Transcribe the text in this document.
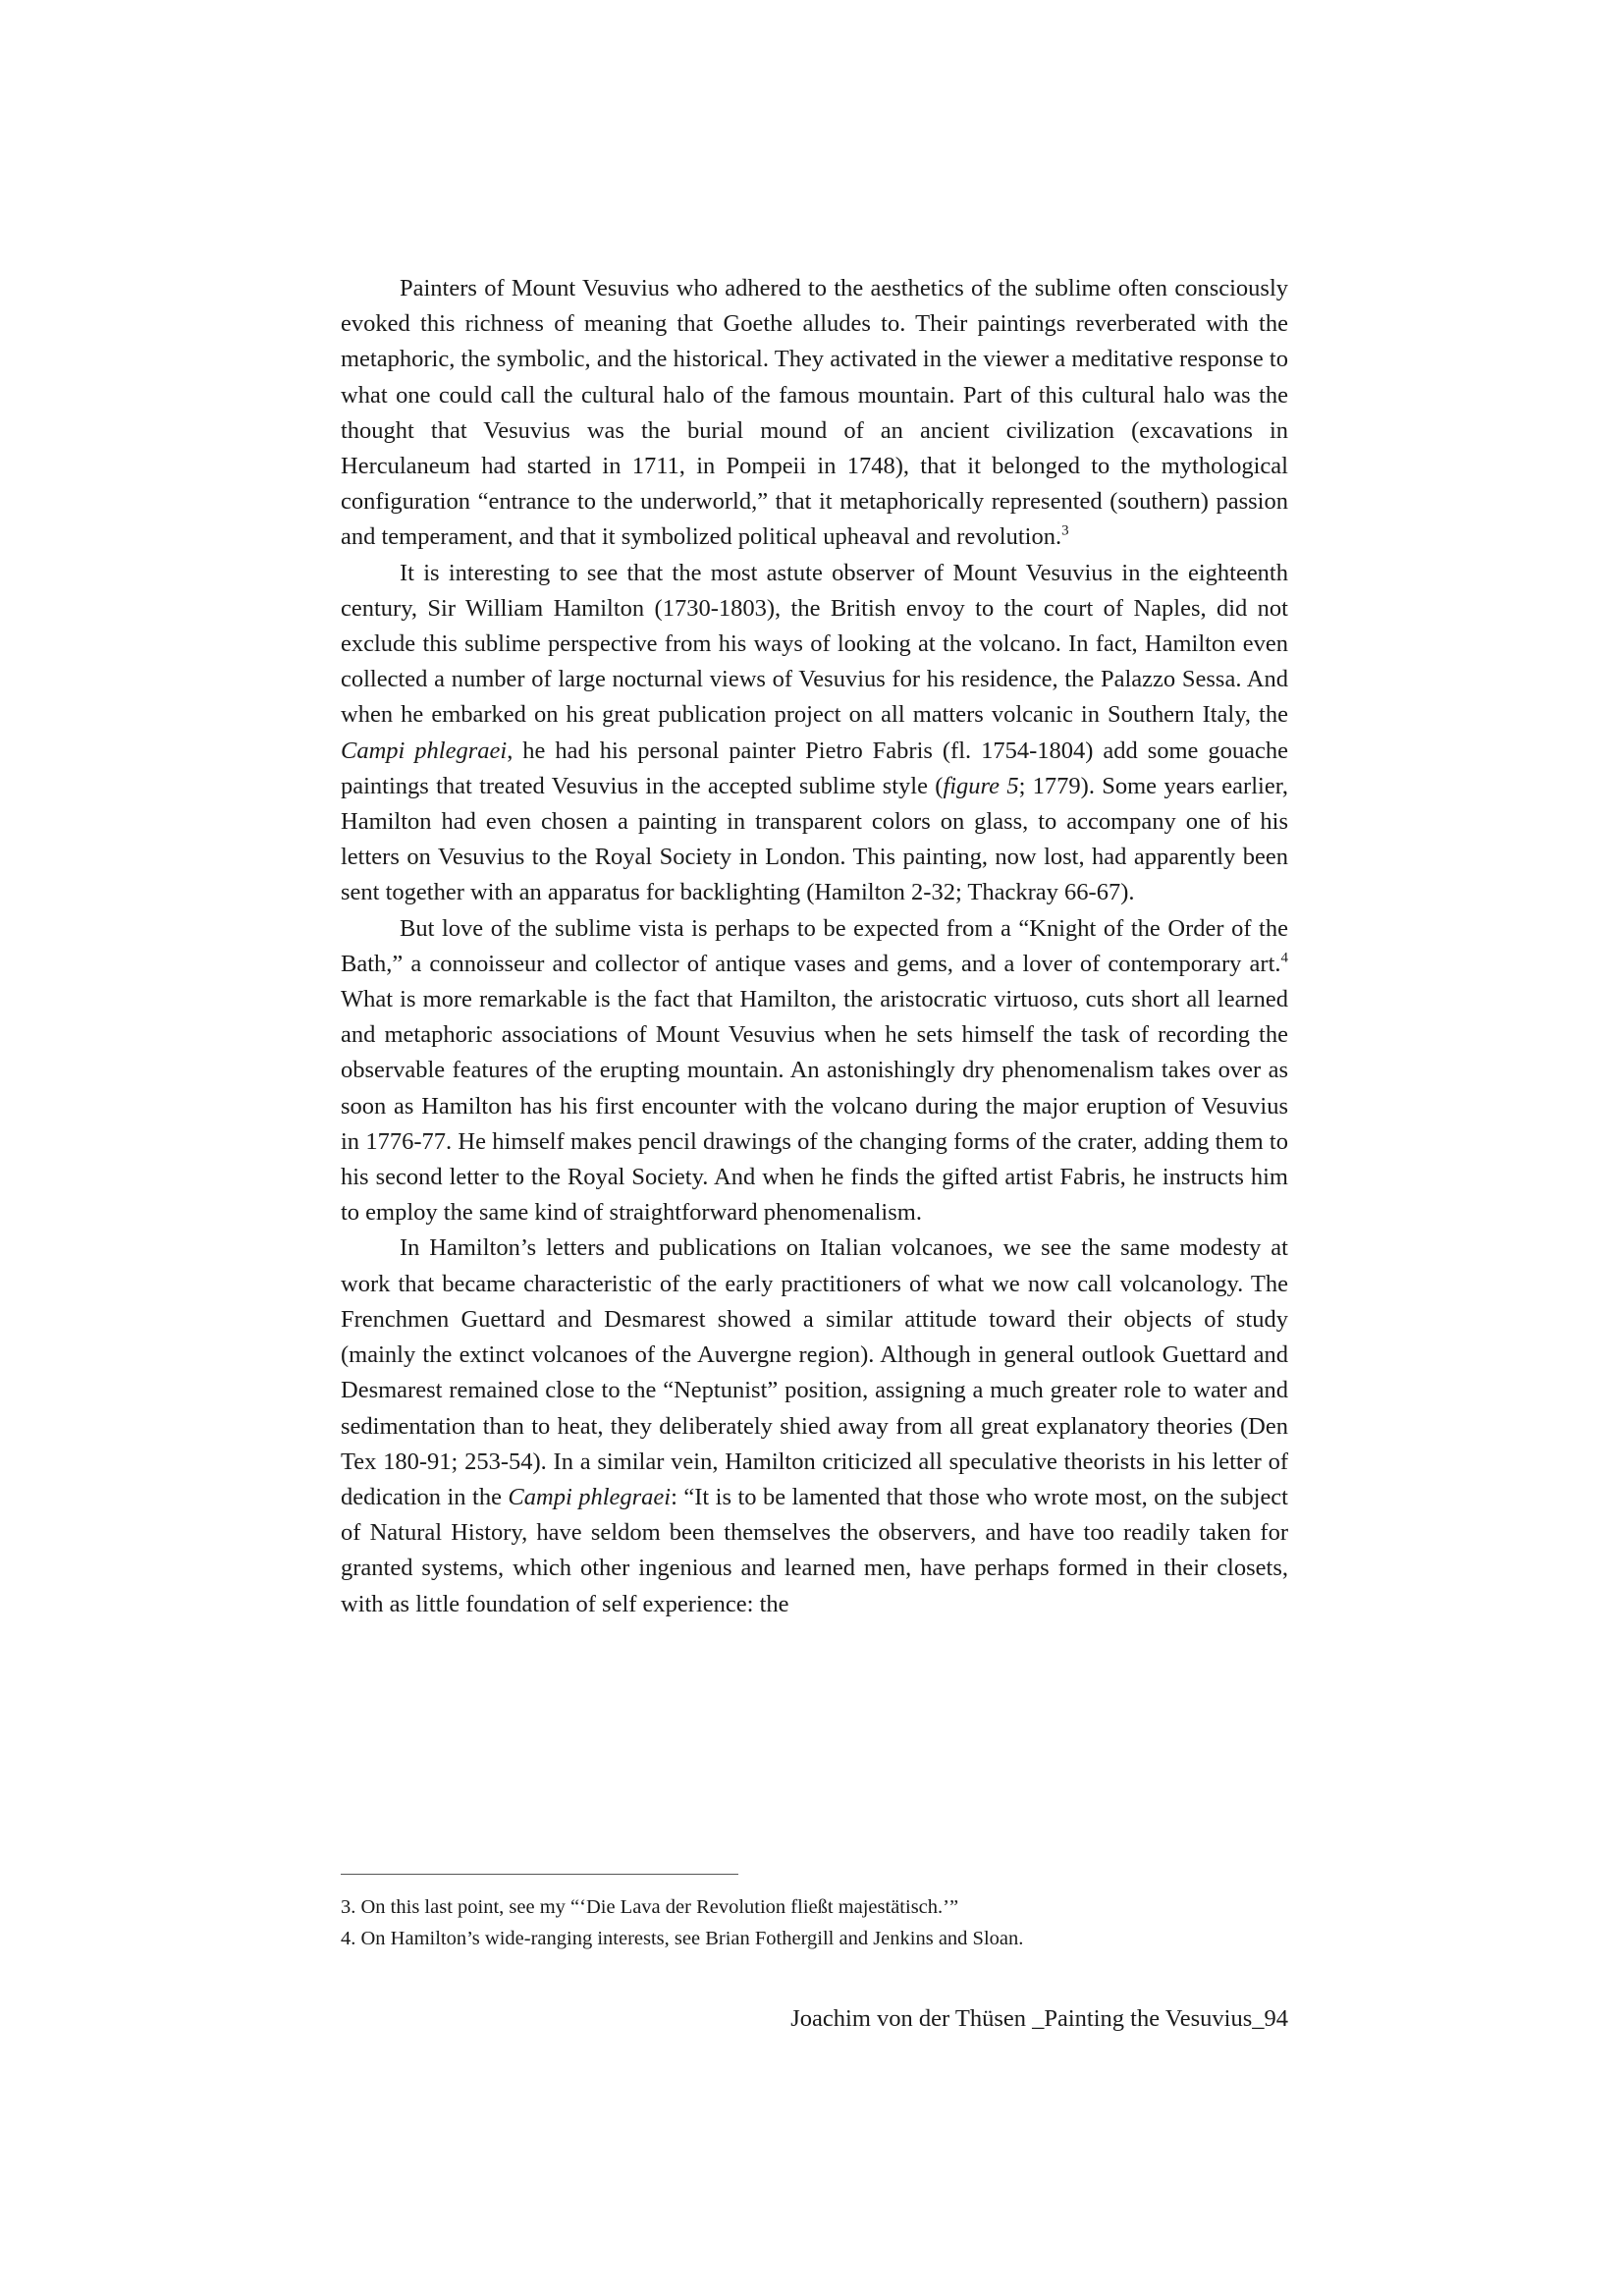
Painters of Mount Vesuvius who adhered to the aesthetics of the sublime often consciously evoked this richness of meaning that Goethe alludes to. Their paintings reverberated with the metaphoric, the symbolic, and the historical. They activated in the viewer a meditative response to what one could call the cultural halo of the famous mountain. Part of this cultural halo was the thought that Vesuvius was the burial mound of an ancient civilization (excavations in Herculaneum had started in 1711, in Pompeii in 1748), that it belonged to the mythological configuration “entrance to the underworld,” that it metaphorically represented (southern) passion and temperament, and that it symbolized political upheaval and revolution.$^3$

It is interesting to see that the most astute observer of Mount Vesuvius in the eighteenth century, Sir William Hamilton (1730-1803), the British envoy to the court of Naples, did not exclude this sublime perspective from his ways of looking at the volcano. In fact, Hamilton even collected a number of large nocturnal views of Vesuvius for his residence, the Palazzo Sessa. And when he embarked on his great publication project on all matters volcanic in Southern Italy, the Campi phlegraei, he had his personal painter Pietro Fabris (fl. 1754-1804) add some gouache paintings that treated Vesuvius in the accepted sublime style (figure 5; 1779). Some years earlier, Hamilton had even chosen a painting in transparent colors on glass, to accompany one of his letters on Vesuvius to the Royal Society in London. This painting, now lost, had apparently been sent together with an apparatus for backlighting (Hamilton 2-32; Thackray 66-67).

But love of the sublime vista is perhaps to be expected from a “Knight of the Order of the Bath,” a connoisseur and collector of antique vases and gems, and a lover of contemporary art.$^4$ What is more remarkable is the fact that Hamilton, the aristocratic virtuoso, cuts short all learned and metaphoric associations of Mount Vesuvius when he sets himself the task of recording the observable features of the erupting mountain. An astonishingly dry phenomenalism takes over as soon as Hamilton has his first encounter with the volcano during the major eruption of Vesuvius in 1776-77. He himself makes pencil drawings of the changing forms of the crater, adding them to his second letter to the Royal Society. And when he finds the gifted artist Fabris, he instructs him to employ the same kind of straightforward phenomenalism.

In Hamilton’s letters and publications on Italian volcanoes, we see the same modesty at work that became characteristic of the early practitioners of what we now call volcanology. The Frenchmen Guettard and Desmarest showed a similar attitude toward their objects of study (mainly the extinct volcanoes of the Auvergne region). Although in general outlook Guettard and Desmarest remained close to the “Neptunist” position, assigning a much greater role to water and sedimentation than to heat, they deliberately shied away from all great explanatory theories (Den Tex 180-91; 253-54). In a similar vein, Hamilton criticized all speculative theorists in his letter of dedication in the Campi phlegraei: “It is to be lamented that those who wrote most, on the subject of Natural History, have seldom been themselves the observers, and have too readily taken for granted systems, which other ingenious and learned men, have perhaps formed in their closets, with as little foundation of self experience: the

3. On this last point, see my “‘Die Lava der Revolution fließt majestätisch.’”

4. On Hamilton’s wide-ranging interests, see Brian Fothergill and Jenkins and Sloan.

Joachim von der Thüsen _Painting the Vesuvius_94
